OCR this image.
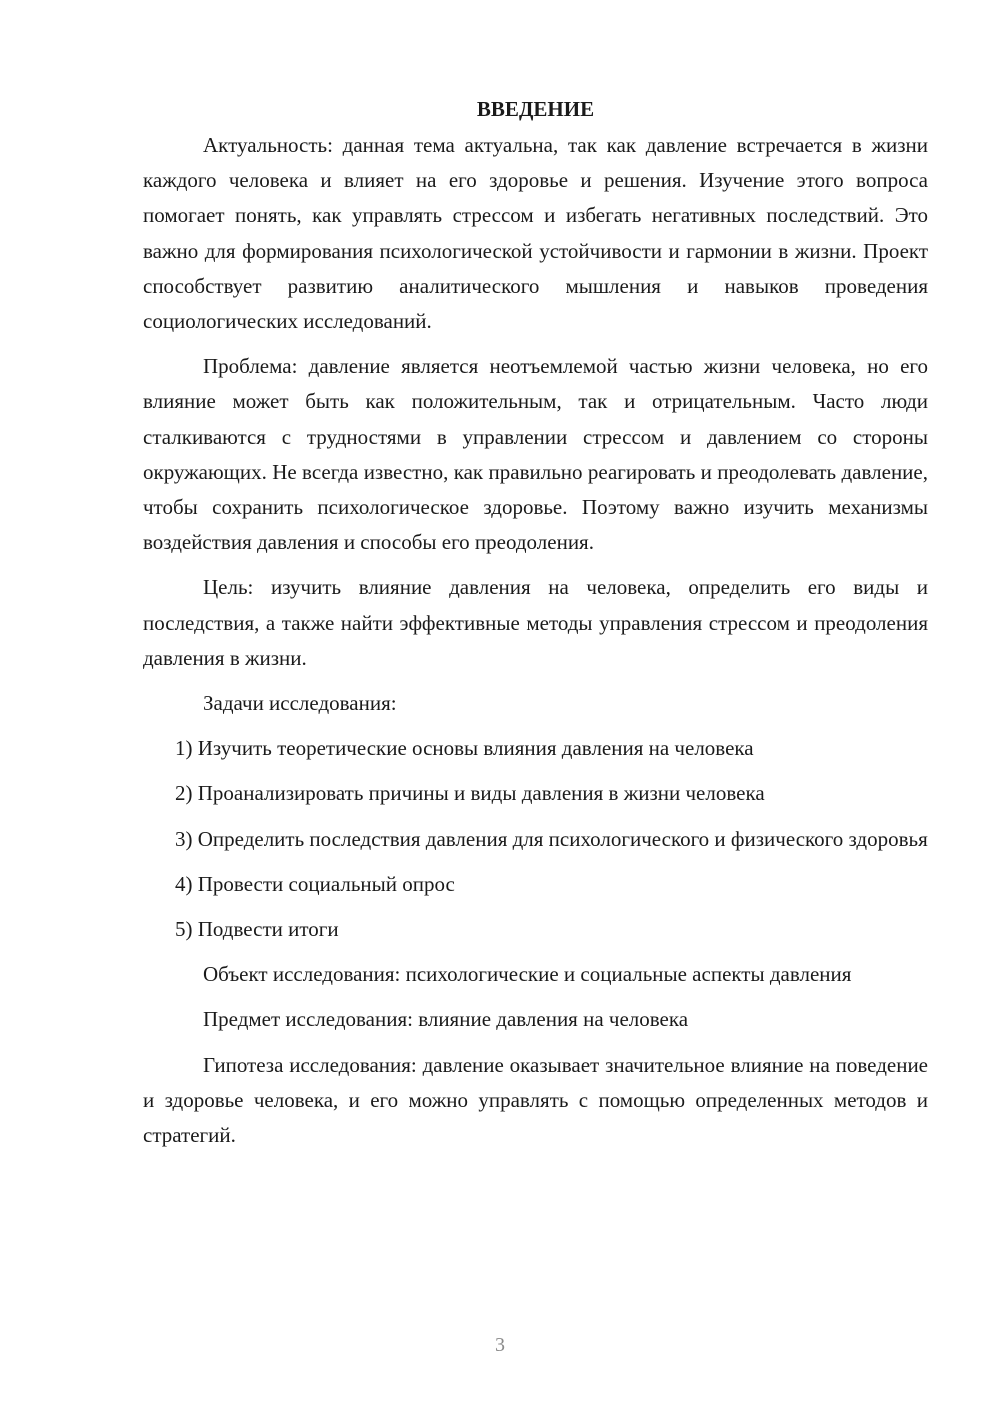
ВВЕДЕНИЕ

Актуальность: данная тема актуальна, так как давление встречается в жизни каждого человека и влияет на его здоровье и решения. Изучение этого вопроса помогает понять, как управлять стрессом и избегать негативных последствий. Это важно для формирования психологической устойчивости и гармонии в жизни. Проект способствует развитию аналитического мышления и навыков проведения социологических исследований.

Проблема: давление является неотъемлемой частью жизни человека, но его влияние может быть как положительным, так и отрицательным. Часто люди сталкиваются с трудностями в управлении стрессом и давлением со стороны окружающих. Не всегда известно, как правильно реагировать и преодолевать давление, чтобы сохранить психологическое здоровье. Поэтому важно изучить механизмы воздействия давления и способы его преодоления.

Цель: изучить влияние давления на человека, определить его виды и последствия, а также найти эффективные методы управления стрессом и преодоления давления в жизни.

Задачи исследования:

1) Изучить теоретические основы влияния давления на человека

2) Проанализировать причины и виды давления в жизни человека

3) Определить последствия давления для психологического и физического здоровья

4) Провести социальный опрос

5) Подвести итоги

Объект исследования: психологические и социальные аспекты давления

Предмет исследования: влияние давления на человека

Гипотеза исследования: давление оказывает значительное влияние на поведение и здоровье человека, и его можно управлять с помощью определенных методов и стратегий.

3
